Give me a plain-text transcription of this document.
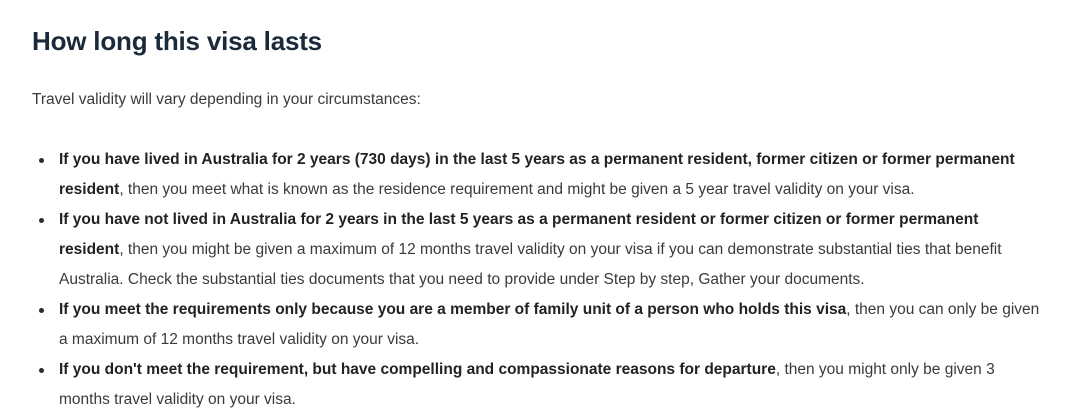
How long this visa lasts

Travel validity will vary depending in your circumstances:

If you have lived in Australia for 2 years (730 days) in the last 5 years as a permanent resident, former citizen or former permanent resident, then you meet what is known as the residence requirement and might be given a 5 year travel validity on your visa.
If you have not lived in Australia for 2 years in the last 5 years as a permanent resident or former citizen or former permanent resident, then you might be given a maximum of 12 months travel validity on your visa if you can demonstrate substantial ties that benefit Australia. Check the substantial ties documents that you need to provide under Step by step, Gather your documents.
If you meet the requirements only because you are a member of family unit of a person who holds this visa, then you can only be given a maximum of 12 months travel validity on your visa.
If you don't meet the requirement, but have compelling and compassionate reasons for departure, then you might only be given 3 months travel validity on your visa.
